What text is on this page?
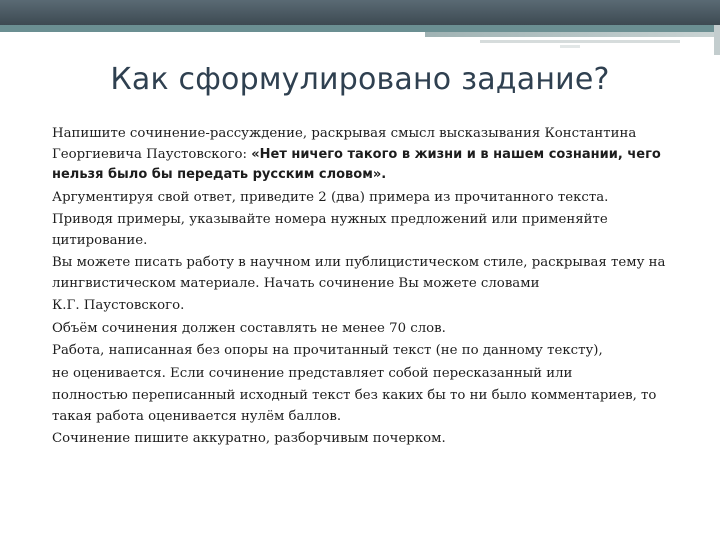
Как сформулировано задание?

Напишите сочинение-рассуждение, раскрывая смысл высказывания Константина Георгиевича Паустовского: «Нет ничего такого в жизни и в нашем сознании, чего нельзя было бы передать русским словом».

Аргументируя свой ответ, приведите 2 (два) примера из прочитанного текста.

Приводя примеры, указывайте номера нужных предложений или применяйте цитирование.

Вы можете писать работу в научном или публицистическом стиле, раскрывая тему на лингвистическом материале. Начать сочинение Вы можете словами

К.Г. Паустовского.

Объём сочинения должен составлять не менее 70 слов.

Работа, написанная без опоры на прочитанный текст (не по данному тексту),

не оценивается. Если сочинение представляет собой пересказанный или

полностью переписанный исходный текст без каких бы то ни было комментариев, то такая работа оценивается нулём баллов.

Сочинение пишите аккуратно, разборчивым почерком.
